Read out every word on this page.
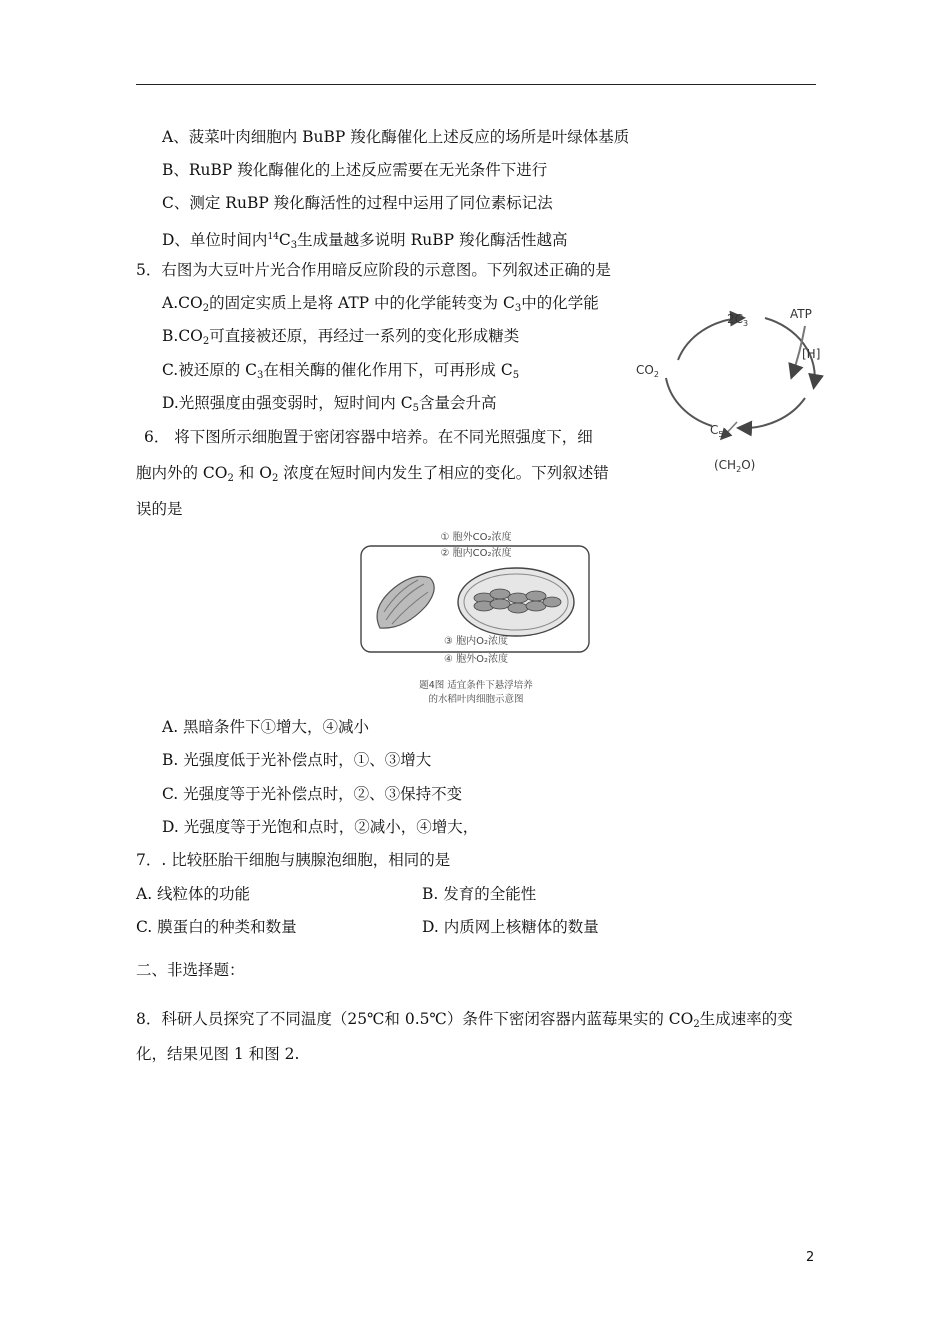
A、菠菜叶肉细胞内 BuBP 羧化酶催化上述反应的场所是叶绿体基质
B、RuBP 羧化酶催化的上述反应需要在无光条件下进行
C、测定 RuBP 羧化酶活性的过程中运用了同位素标记法
D、单位时间内$^{14}C_3$生成量越多说明 RuBP 羧化酶活性越高
5．右图为大豆叶片光合作用暗反应阶段的示意图。下列叙述正确的是
$A.CO_2$的固定实质上是将 ATP 中的化学能转变为 $C_3$中的化学能
$B.CO_2$可直接被还原，再经过一系列的变化形成糖类
C.被还原的 $C_3$在相关酶的催化作用下，可再形成 $C_5$
D.光照强度由强变弱时，短时间内 $C_5$含量会升高
$2C_3$
ATP
[H]
$CO_2$
$C_5$
$(CH_2O)$
6． 将下图所示细胞置于密闭容器中培养。在不同光照强度下，细
胞内外的 $CO_2$ 和 $O_2$ 浓度在短时间内发生了相应的变化。下列叙述错
误的是
① 胞外CO₂浓度
② 胞内CO₂浓度
③ 胞内O₂浓度
④ 胞外O₂浓度
题4图 适宜条件下悬浮培养
的水稻叶肉细胞示意图
A. 黑暗条件下①增大，④减小
B. 光强度低于光补偿点时，①、③增大
C. 光强度等于光补偿点时，②、③保持不变
D. 光强度等于光饱和点时，②减小，④增大，
7．. 比较胚胎干细胞与胰腺泡细胞，相同的是
A. 线粒体的功能	B. 发育的全能性
C. 膜蛋白的种类和数量	D. 内质网上核糖体的数量
二、非选择题：
8．科研人员探究了不同温度（25℃和 0.5℃）条件下密闭容器内蓝莓果实的 $CO_2$生成速率的变
化，结果见图 1 和图 2.
2
